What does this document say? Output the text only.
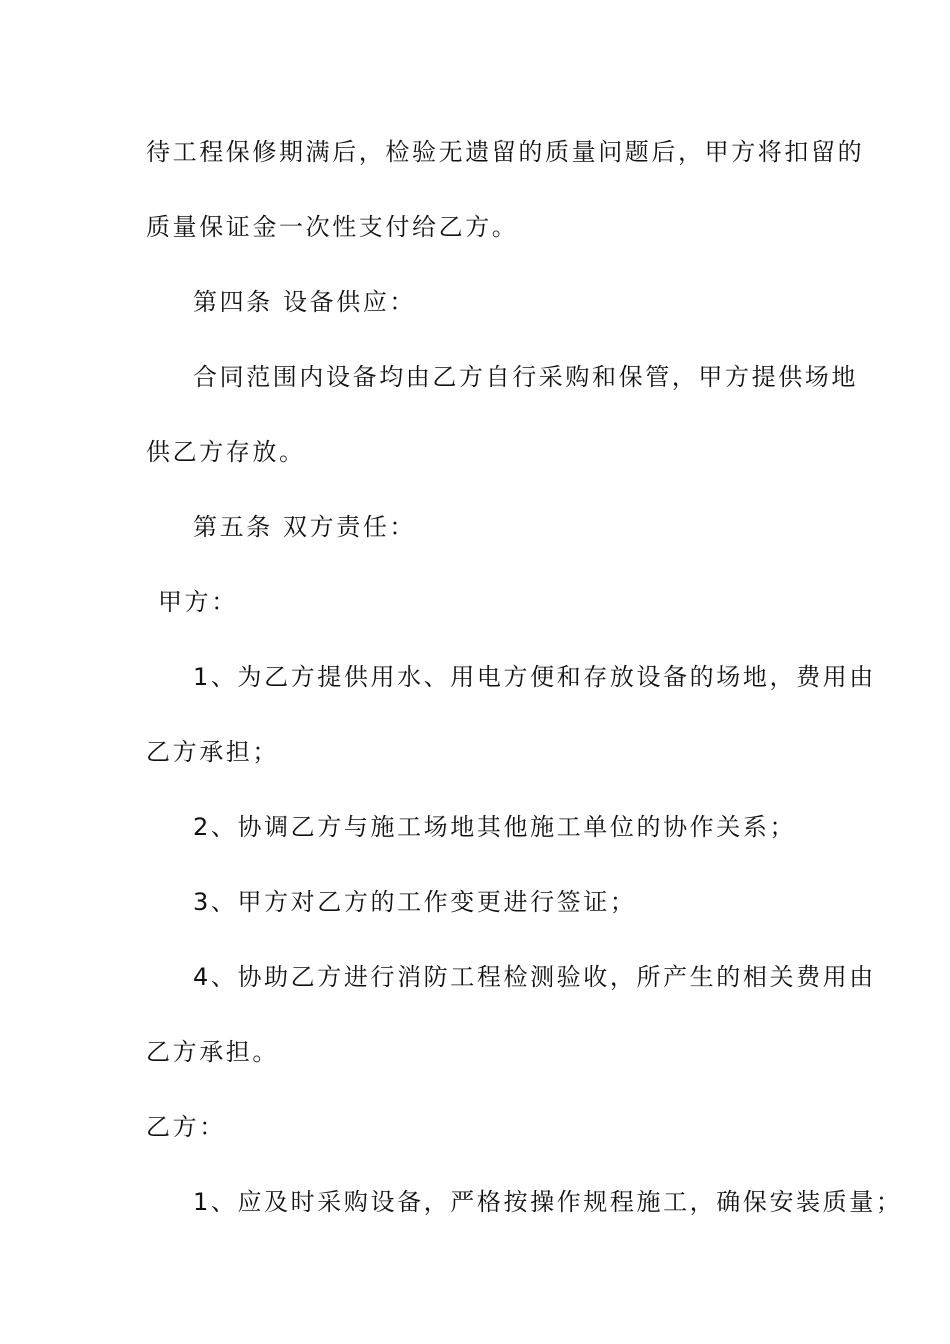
待工程保修期满后，检验无遗留的质量问题后，甲方将扣留的
质量保证金一次性支付给乙方。
第四条 设备供应：
合同范围内设备均由乙方自行采购和保管，甲方提供场地
供乙方存放。
第五条 双方责任：
甲方：
1、为乙方提供用水、用电方便和存放设备的场地，费用由
乙方承担；
2、协调乙方与施工场地其他施工单位的协作关系；
3、甲方对乙方的工作变更进行签证；
4、协助乙方进行消防工程检测验收，所产生的相关费用由
乙方承担。
乙方：
1、应及时采购设备，严格按操作规程施工，确保安装质量；
